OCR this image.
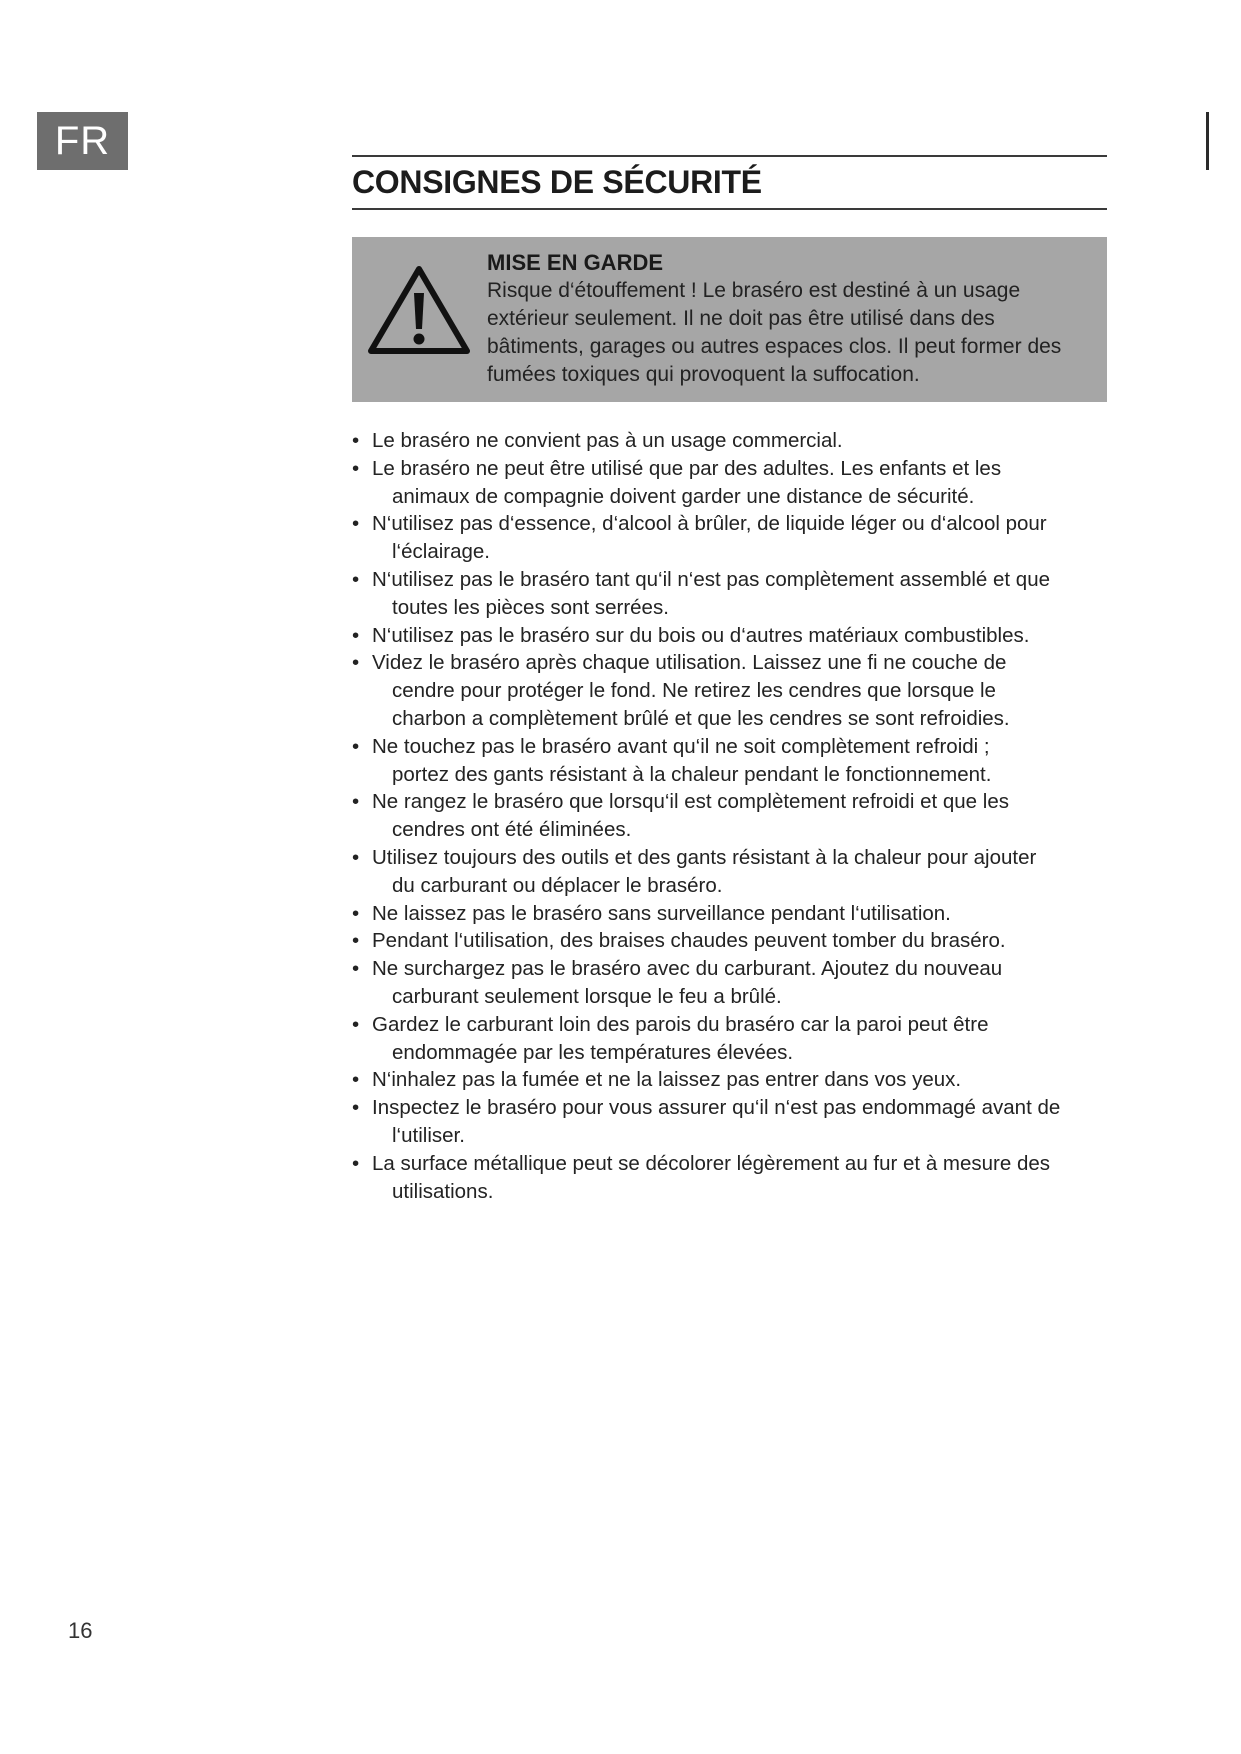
FR
CONSIGNES DE SÉCURITÉ
MISE EN GARDE

Risque d‘étouffement ! Le braséro est destiné à un usage extérieur seulement. Il ne doit pas être utilisé dans des bâtiments, garages ou autres espaces clos. Il peut former des fumées toxiques qui provoquent la suffocation.

• Le braséro ne convient pas à un usage commercial.
• Le braséro ne peut être utilisé que par des adultes. Les enfants et les
animaux de compagnie doivent garder une distance de sécurité.
• N‘utilisez pas d‘essence, d‘alcool à brûler, de liquide léger ou d‘alcool pour
l‘éclairage.
• N‘utilisez pas le braséro tant qu‘il n‘est pas complètement assemblé et que
toutes les pièces sont serrées.
• N‘utilisez pas le braséro sur du bois ou d‘autres matériaux combustibles.
• Videz le braséro après chaque utilisation. Laissez une fi ne couche de
cendre pour protéger le fond. Ne retirez les cendres que lorsque le
charbon a complètement brûlé et que les cendres se sont refroidies.
• Ne touchez pas le braséro avant qu‘il ne soit complètement refroidi ;
portez des gants résistant à la chaleur pendant le fonctionnement.
• Ne rangez le braséro que lorsqu‘il est complètement refroidi et que les
cendres ont été éliminées.
• Utilisez toujours des outils et des gants résistant à la chaleur pour ajouter
du carburant ou déplacer le braséro.
• Ne laissez pas le braséro sans surveillance pendant l‘utilisation.
• Pendant l‘utilisation, des braises chaudes peuvent tomber du braséro.
• Ne surchargez pas le braséro avec du carburant. Ajoutez du nouveau
carburant seulement lorsque le feu a brûlé.
• Gardez le carburant loin des parois du braséro car la paroi peut être
endommagée par les températures élevées.
• N‘inhalez pas la fumée et ne la laissez pas entrer dans vos yeux.
• Inspectez le braséro pour vous assurer qu‘il n‘est pas endommagé avant de
l‘utiliser.
• La surface métallique peut se décolorer légèrement au fur et à mesure des
utilisations.
16
